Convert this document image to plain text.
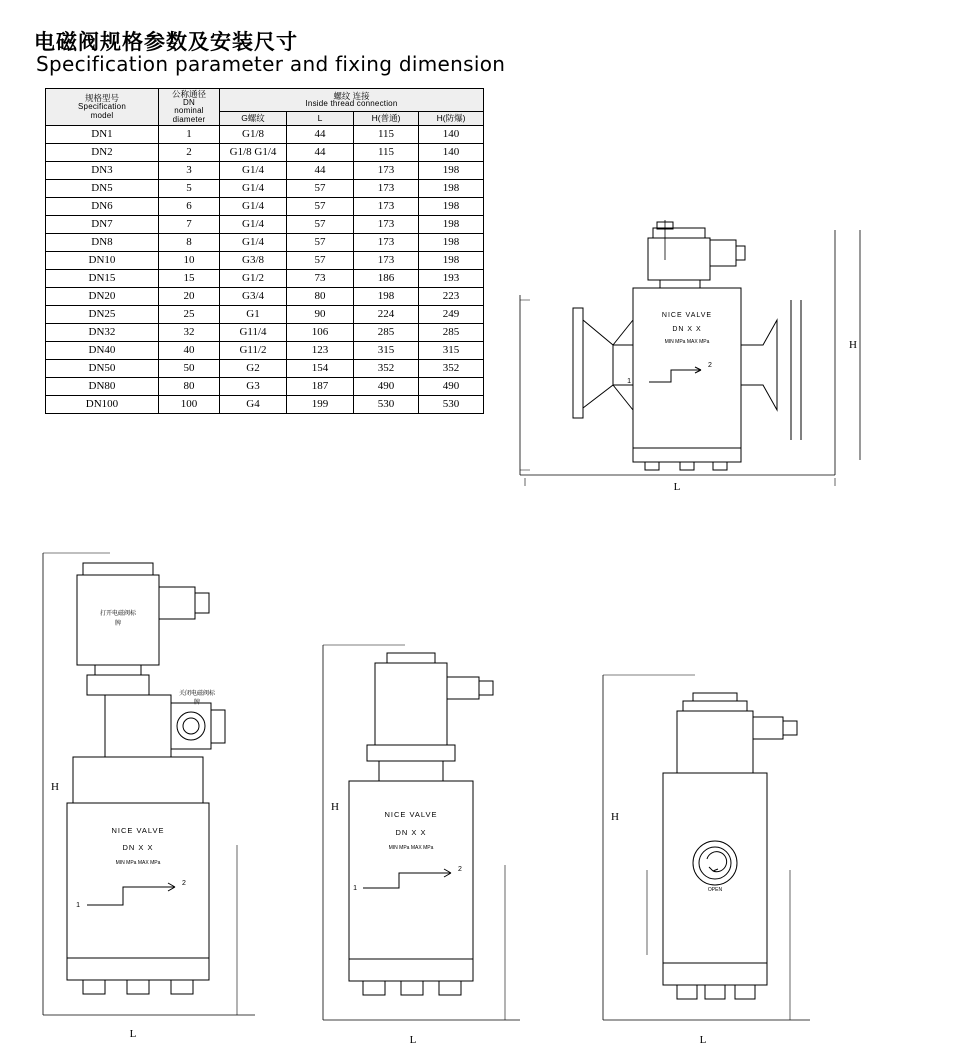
电磁阀规格参数及安装尺寸
Specification parameter and fixing dimension
规格型号
Specification
model	公称通径
DN
nominal
diameter	螺纹 连接
Inside thread connection			

		G螺纹	L	H(普通)	H(防爆)
DN1	1	G1/8	44	115	140
DN2	2	G1/8 G1/4	44	115	140
DN3	3	G1/4	44	173	198
DN5	5	G1/4	57	173	198
DN6	6	G1/4	57	173	198
DN7	7	G1/4	57	173	198
DN8	8	G1/4	57	173	198
DN10	10	G3/8	57	173	198
DN15	15	G1/2	73	186	193
DN20	20	G3/4	80	198	223
DN25	25	G1	90	224	249
DN32	32	G11/4	106	285	285
DN40	40	G11/2	123	315	315
DN50	50	G2	154	352	352
DN80	80	G3	187	490	490
DN100	100	G4	199	530	530
NICE VALVE
DN X X
MIN MPa MAX MPa
1
2
H
L
H
L
打开电磁阀标
牌
关闭电磁阀标
牌
NICE VALVE
DN X X
MIN MPa MAX MPa
1
2
H
L
NICE VALVE
DN X X
MIN MPa MAX MPa
1
2
H
L
OPEN
